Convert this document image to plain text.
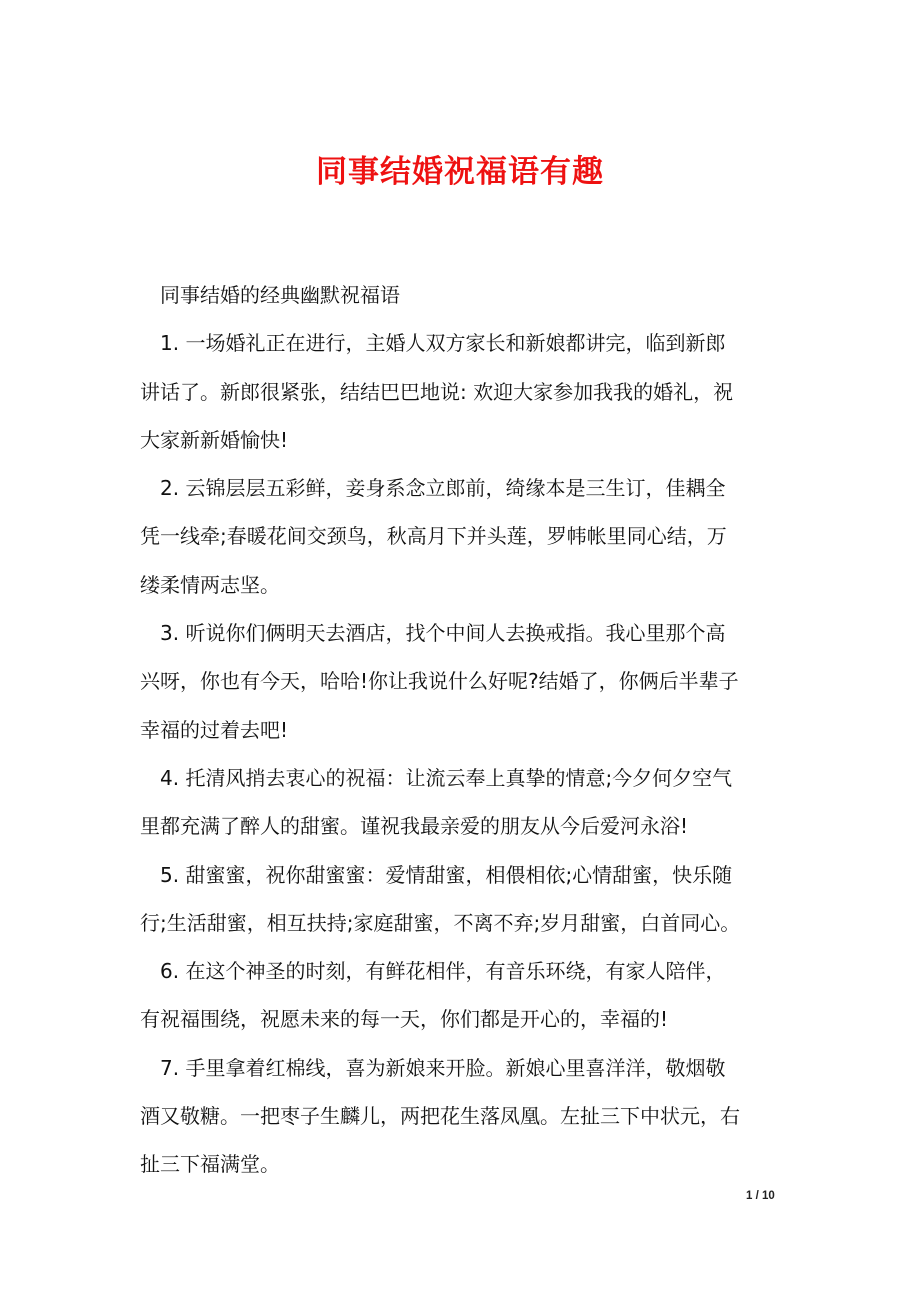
同事结婚祝福语有趣
同事结婚的经典幽默祝福语
1. 一场婚礼正在进行，主婚人双方家长和新娘都讲完，临到新郎
讲话了。新郎很紧张，结结巴巴地说: 欢迎大家参加我我的婚礼，祝
大家新新婚愉快!
2. 云锦层层五彩鲜，妾身系念立郎前，绮缘本是三生订，佳耦全
凭一线牵;春暖花间交颈鸟，秋高月下并头莲，罗帏帐里同心结，万
缕柔情两志坚。
3. 听说你们俩明天去酒店，找个中间人去换戒指。我心里那个高
兴呀，你也有今天，哈哈!你让我说什么好呢?结婚了，你俩后半辈子
幸福的过着去吧!
4. 托清风捎去衷心的祝福：让流云奉上真挚的情意;今夕何夕空气
里都充满了醉人的甜蜜。谨祝我最亲爱的朋友从今后爱河永浴!
5. 甜蜜蜜，祝你甜蜜蜜：爱情甜蜜，相偎相依;心情甜蜜，快乐随
行;生活甜蜜，相互扶持;家庭甜蜜，不离不弃;岁月甜蜜，白首同心。
6. 在这个神圣的时刻，有鲜花相伴，有音乐环绕，有家人陪伴，
有祝福围绕，祝愿未来的每一天，你们都是开心的，幸福的!
7. 手里拿着红棉线，喜为新娘来开脸。新娘心里喜洋洋，敬烟敬
酒又敬糖。一把枣子生麟儿，两把花生落凤凰。左扯三下中状元，右
扯三下福满堂。
1 / 10
